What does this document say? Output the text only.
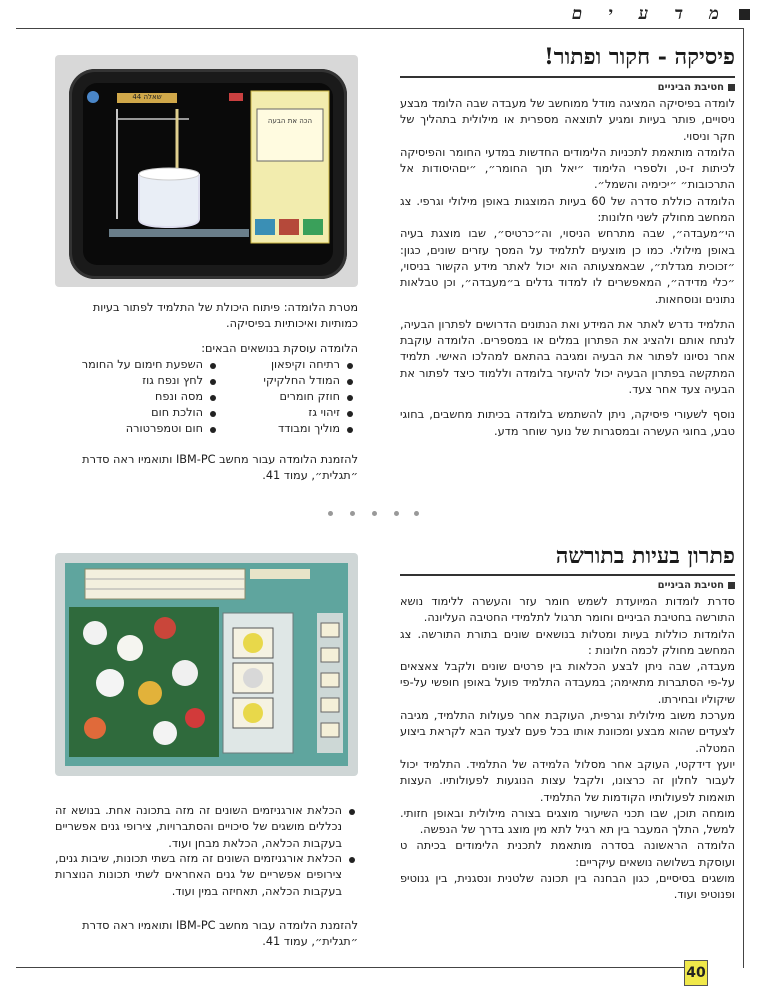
מ ד ע י ם
40
פיסיקה - חקור ופתור!
חטיבת הביניים

לומדה בפיסיקה המציגה מודל ממוחשב של מעבדה שבה הלומד מבצע ניסויים, פותר בעיות ומגיע לתוצאה מספרית או מילולית בתהליך של חקר וניסוי.

הלומדה מותאמת לתכניות הלימודים החדשות במדעי החומר והפיסיקה לכיתות ז-ט, ולספרי הלימוד ״יאל תוך החומר״, ״יםהיסודות אל התרכובות״ ״יכימיה והשמל״.

הלומדה כוללת סדרה של 60 בעיות המוצגות באופן מילולי וגרפי. צג המחשב מחולק לשני חלונות:

הי״מעבדה״, שבה מתרחש הניסוי, וה״כרטיס״, שבו מוצגת בעיה באופן מילולי. כמו כן מוצעים לתלמיד על המסך עזרים שונים, כגון: ״זכוכית מגדלת״, שבאמצעותה הוא יכול לאתר מידע הקשור בניסוי, ״כלי מדידה״, המאפשרים לו למדוד גדלים ב״מעבדה״, וכן טבלאות נתונים ונוסחאות.

התלמיד נדרש לאתר את המידע ואת הנתונים הדרושים לפתרון הבעיה, לנתח אותם ולהציג את הפתרון במלים או במספרים. הלומדה עוקבת אחר נסיונו לפתור את הבעיה ומגיבה בהתאם למהלכו האישי. תלמיד המתקשה בפתרון הבעיה יכול להיעזר בלומדה וללמוד כיצד לפתור את הבעיה צעד אחר צעד.

נוסף לשעורי פיסיקה, ניתן להשתמש בלומדה בכיתות מחשבים, בחוגי טבע, בחוגי העשרה ובמסגרות של נוער שוחר מדע.

הכה את הבעה
שאלה 44
מטרת הלומדה: פיתוח היכולת של התלמיד לפתור בעיות כמותיות ואיכותיות בפיסיקה.
הלומדה עוסקת בנושאים הבאים:
רתיחה וקיפאון
המודל החלקיקי
חוזק חומרים
זיהוי גז
מוליך ומבודד
השפעת חימום על החומר
לחץ ונפח גוז
מסה ונפח
הולכת חום
חום וטמפרטורה
להזמנת הלומדה עבור מחשב IBM-PC ותואמיו ראה סדרת ״תגלית״, עמוד 41.
פתרון בעיות בתורשה
חטיבת הביניים

סדרת לומדות המיועדת לשמש חומר עזר והעשרה ללימוד נושא התורשה בחטיבת הביניים וחומר תרגול לתלמידי החטיבה העליונה.

הלומדות כוללות בעיות ומטלות בנושאים שונים בתורת התורשה. צג המחשב מחולק לכמה חלונות :

מעבדה, שבה ניתן לבצע הכלאות בין פרטים שונים ולקבל צאצאים על-פי הסתברות מתאימה; במעבדה התלמיד פועל באופן חופשי על-פי שיקוליו ובחירתו.

מערכת משוב מילולית וגרפית, העוקבת אחר פעולות התלמיד, מגיבה לצעדים שהוא מבצע ומכוונת אותו בכל פעם לצעד הבא לקראת ביצוע המטלה.

יועץ דידקטי, העוקב אחר מסלול הלמידה של התלמיד. התלמיד יכול לעבור לחלון זה כרצונו, ולקבל עצות הנוגעות לפעולותיו. העצות תואמות לפעולותיו הקודמות של התלמיד.

מומחה תוכן, שבו תכני השיעור מוצגים בצורה מילולית ובאופן חזותי. למשל, התלך המעבר בין תא רגיל לתא מין מוצג בדרך של הנפשה.

הלומדה הראשונה בסדרה מותאמת לתכנית הלימודים בכיתה ט ועוסקת בשלושה נושאים עיקריים:

מושגים בסיסיים, כגון הבחנה בין תכונה שלטנית ונסגנית, בין גנוטיפ ופנוטיפ ועוד.

הכלאת אורגניזמים השונים זה מזה בתכונה אחת. בנושא זה נכללים מושגים של סיכויים והסתברויות, צירופי גנים אפשריים בעקבות הכלאה, הכלאת מבחן ועוד.
הכלאת אורגניזמים השונים זה מזה בשתי תכונות, שיבות גנים, צירופים אפשריים של גנים האחראים לשתי תכונות הנוצרות בעקבות הכלאה, תאחיזה במין ועוד.
להזמנת הלומדה עבור מחשב IBM-PC ותואמיו ראה סדרת ״תגלית״, עמוד 41.
